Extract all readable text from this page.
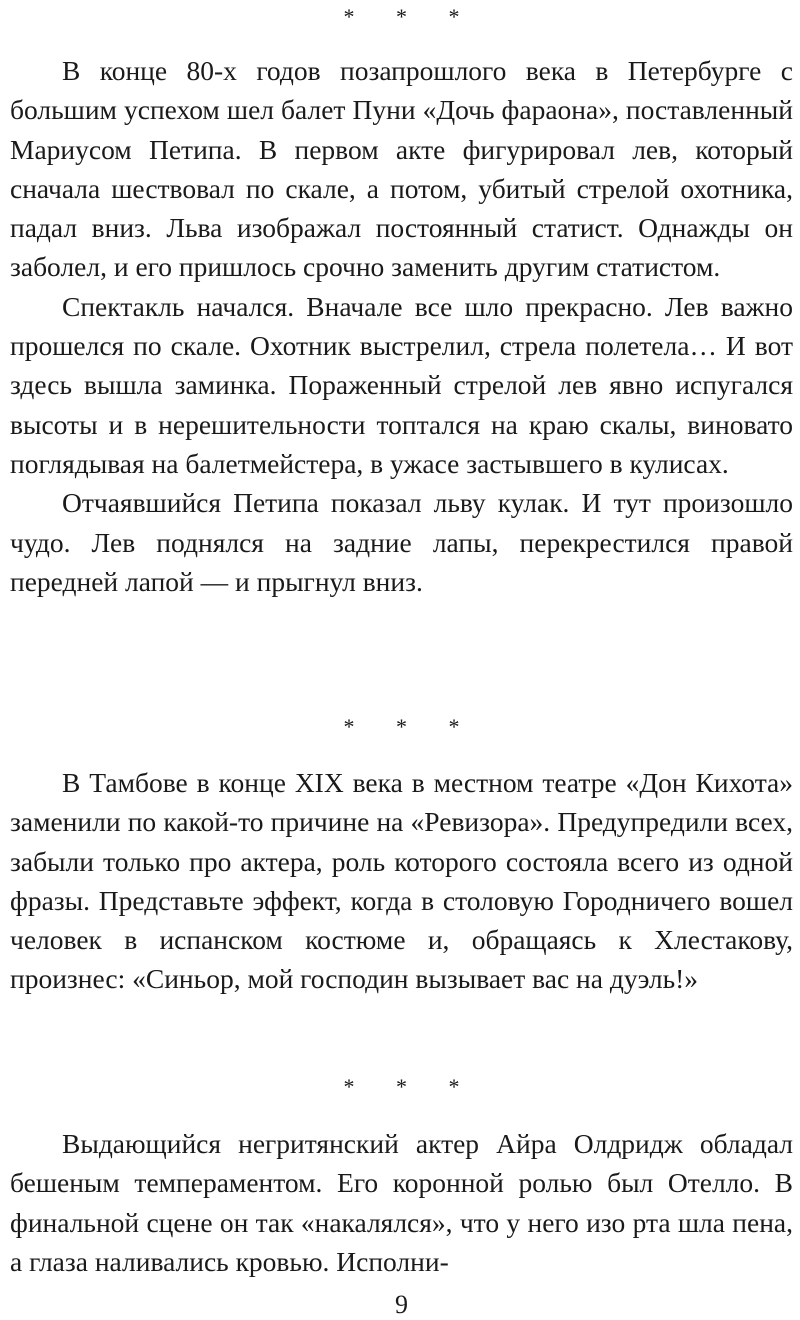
* * *

В конце 80-х годов позапрошлого века в Петербурге с большим успехом шел балет Пуни «Дочь фараона», поставленный Мариусом Петипа. В первом акте фигурировал лев, который сначала шествовал по скале, а потом, убитый стрелой охотника, падал вниз. Льва изображал постоянный статист. Однажды он заболел, и его пришлось срочно заменить другим статистом.

Спектакль начался. Вначале все шло прекрасно. Лев важно прошелся по скале. Охотник выстрелил, стрела полетела… И вот здесь вышла заминка. Пораженный стрелой лев явно испугался высоты и в нерешительности топтался на краю скалы, виновато поглядывая на балетмейстера, в ужасе застывшего в кулисах.

Отчаявшийся Петипа показал льву кулак. И тут произошло чудо. Лев поднялся на задние лапы, перекрестился правой передней лапой — и прыгнул вниз.

* * *

В Тамбове в конце XIX века в местном театре «Дон Кихота» заменили по какой-то причине на «Ревизора». Предупредили всех, забыли только про актера, роль которого состояла всего из одной фразы. Представьте эффект, когда в столовую Городничего вошел человек в испанском костюме и, обращаясь к Хлестакову, произнес: «Синьор, мой господин вызывает вас на дуэль!»

* * *

Выдающийся негритянский актер Айра Олдридж обладал бешеным темпераментом. Его коронной ролью был Отелло. В финальной сцене он так «накалялся», что у него изо рта шла пена, а глаза наливались кровью. Исполни-

9
